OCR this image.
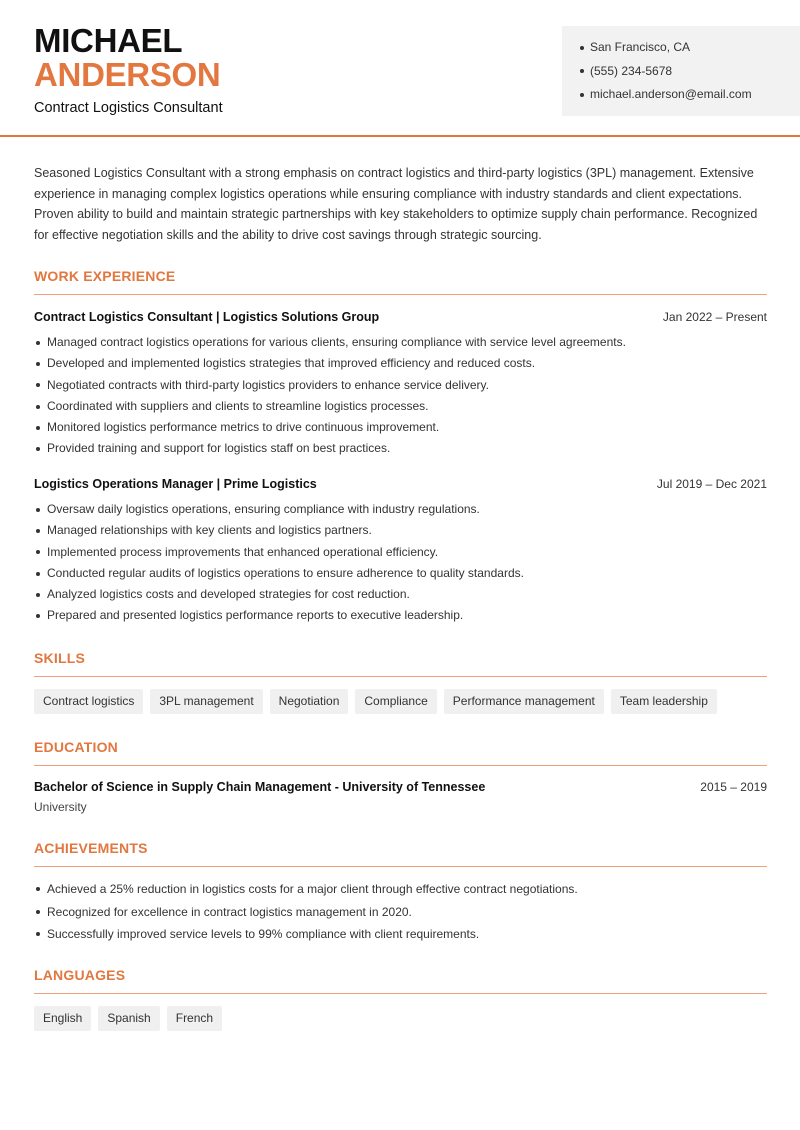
MICHAEL
ANDERSON
Contract Logistics Consultant
San Francisco, CA
(555) 234-5678
michael.anderson@email.com

Seasoned Logistics Consultant with a strong emphasis on contract logistics and third-party logistics (3PL) management. Extensive experience in managing complex logistics operations while ensuring compliance with industry standards and client expectations. Proven ability to build and maintain strategic partnerships with key stakeholders to optimize supply chain performance. Recognized for effective negotiation skills and the ability to drive cost savings through strategic sourcing.

WORK EXPERIENCE
Contract Logistics Consultant | Logistics Solutions Group	Jan 2022 – Present
Managed contract logistics operations for various clients, ensuring compliance with service level agreements.
Developed and implemented logistics strategies that improved efficiency and reduced costs.
Negotiated contracts with third-party logistics providers to enhance service delivery.
Coordinated with suppliers and clients to streamline logistics processes.
Monitored logistics performance metrics to drive continuous improvement.
Provided training and support for logistics staff on best practices.
Logistics Operations Manager | Prime Logistics	Jul 2019 – Dec 2021
Oversaw daily logistics operations, ensuring compliance with industry regulations.
Managed relationships with key clients and logistics partners.
Implemented process improvements that enhanced operational efficiency.
Conducted regular audits of logistics operations to ensure adherence to quality standards.
Analyzed logistics costs and developed strategies for cost reduction.
Prepared and presented logistics performance reports to executive leadership.
SKILLS
Contract logistics	3PL management	Negotiation	Compliance	Performance management	Team leadership
EDUCATION
Bachelor of Science in Supply Chain Management - University of Tennessee	2015 – 2019
University
ACHIEVEMENTS
Achieved a 25% reduction in logistics costs for a major client through effective contract negotiations.
Recognized for excellence in contract logistics management in 2020.
Successfully improved service levels to 99% compliance with client requirements.
LANGUAGES
English	Spanish	French
